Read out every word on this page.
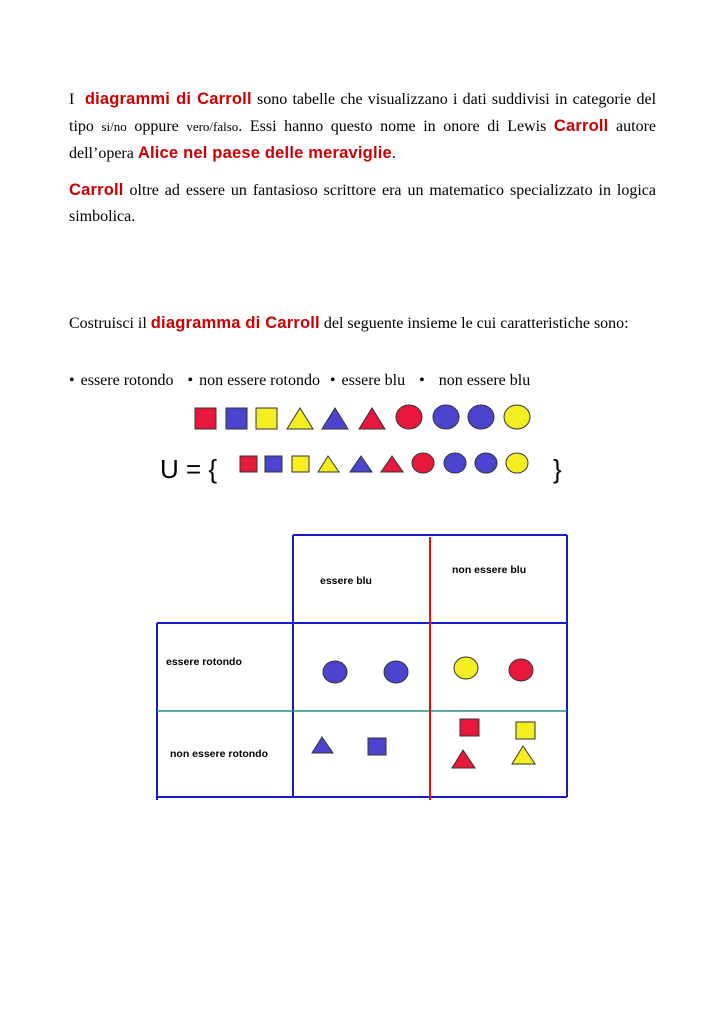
I diagrammi di Carroll sono tabelle che visualizzano i dati suddivisi in categorie del tipo si/no oppure vero/falso. Essi hanno questo nome in onore di Lewis Carroll autore dell’opera Alice nel paese delle meraviglie.

Carroll oltre ad essere un fantasioso scrittore era un matematico specializzato in logica simbolica.

Costruisci il diagramma di Carroll del seguente insieme le cui caratteristiche sono:

• essere rotondo • non essere rotondo • essere blu • non essere blu
U = {	}
essere blu
non essere blu
essere rotondo
non essere rotondo
